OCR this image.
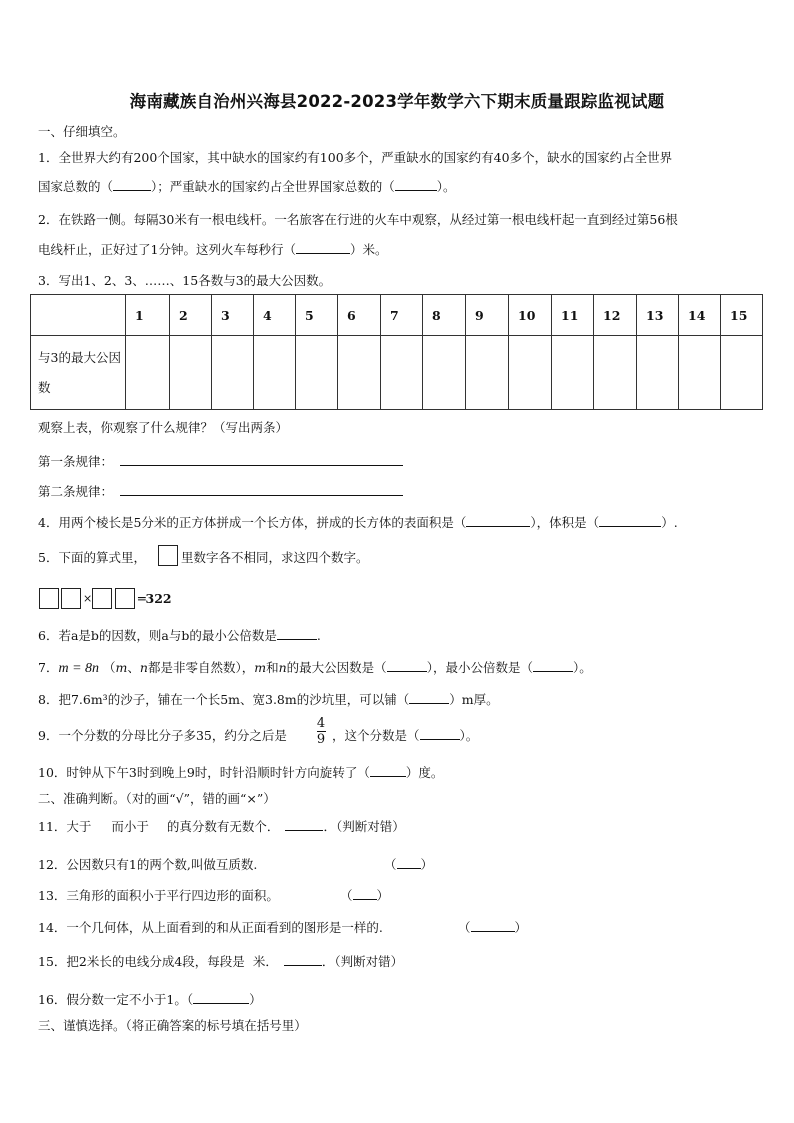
海南藏族自治州兴海县2022-2023学年数学六下期末质量跟踪监视试题
一、仔细填空。
1．全世界大约有200个国家，其中缺水的国家约有100多个，严重缺水的国家约有40多个，缺水的国家约占全世界
国家总数的（	）；严重缺水的国家约占全世界国家总数的（	）。
2．在铁路一侧。每隔30米有一根电线杆。一名旅客在行进的火车中观察，从经过第一根电线杆起一直到经过第56根
电线杆止，正好过了1分钟。这列火车每秒行（	）米。
3．写出1、2、3、……、15各数与3的最大公因数。
	1	2	3	4	5	6	7	8	9	10	11	12	13	14	15
与3的最大公因数															
观察上表，你观察了什么规律？（写出两条）
第一条规律：
第二条规律：
4．用两个棱长是5分米的正方体拼成一个长方体，拼成的长方体的表面积是（	），体积是（	）.
5．下面的算式里，	里数字各不相同，求这四个数字。
×	═322
6．若a是b的因数，则a与b的最小公倍数是	.
7．m = 8n （m、n都是非零自然数），m和n的最大公因数是（	），最小公倍数是（	）。
8．把7.6m³的沙子，铺在一个长5m、宽3.8m的沙坑里，可以铺（	）m厚。
9．一个分数的分母比分子多35，约分之后是
4
9 ，这个分数是（	）。
10．时钟从下午3时到晚上9时，时针沿顺时针方向旋转了（	）度。
二、准确判断。（对的画“√”，错的画“×”）
11．大于 而小于 的真分数有无数个．	．（判断对错）
12．公因数只有1的两个数,叫做互质数.	（ ）
13．三角形的面积小于平行四边形的面积。	（ ）
14．一个几何体，从上面看到的和从正面看到的图形是一样的.	（	）
15．把2米长的电线分成4段，每段是 米．	．（判断对错）
16．假分数一定不小于1。（	）
三、谨慎选择。（将正确答案的标号填在括号里）
